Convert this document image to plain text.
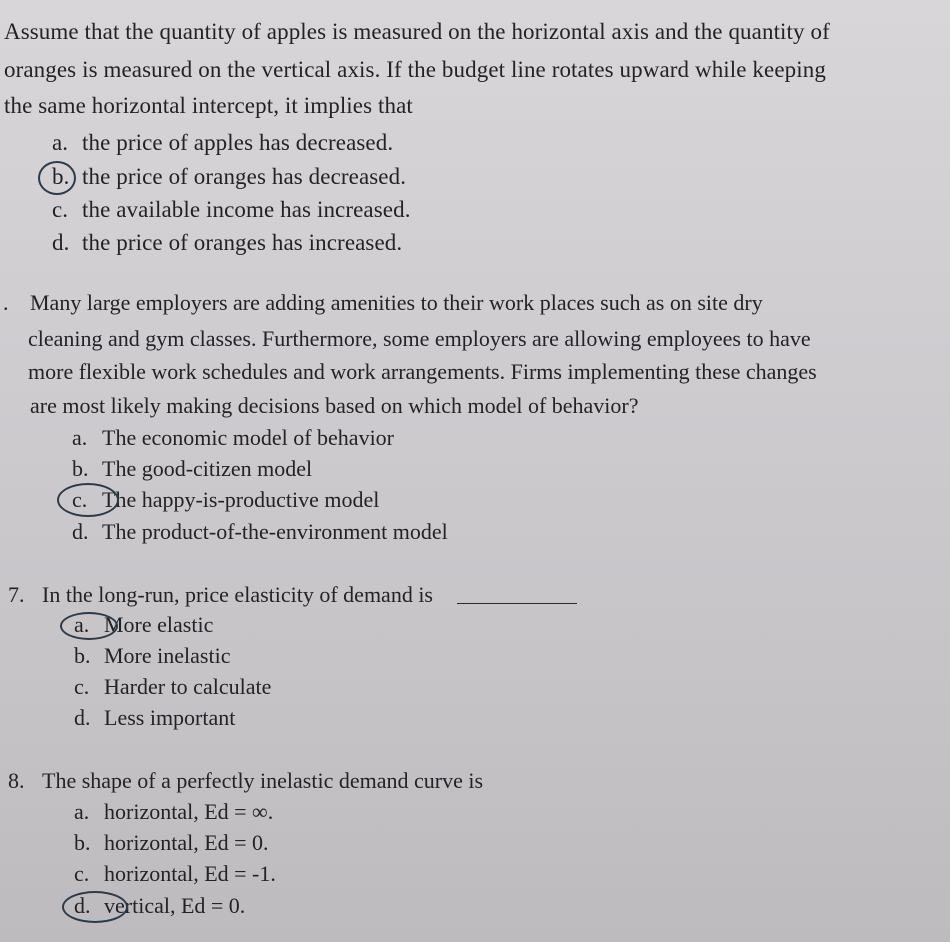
Assume that the quantity of apples is measured on the horizontal axis and the quantity of
oranges is measured on the vertical axis. If the budget line rotates upward while keeping
the same horizontal intercept, it implies that
a. the price of apples has decreased.
b. the price of oranges has decreased.
c. the available income has increased.
d. the price of oranges has increased.
. Many large employers are adding amenities to their work places such as on site dry
cleaning and gym classes. Furthermore, some employers are allowing employees to have
more flexible work schedules and work arrangements. Firms implementing these changes
are most likely making decisions based on which model of behavior?
a. The economic model of behavior
b. The good-citizen model
c. The happy-is-productive model
d. The product-of-the-environment model
7. In the long-run, price elasticity of demand is
a. More elastic
b. More inelastic
c. Harder to calculate
d. Less important
8. The shape of a perfectly inelastic demand curve is
a. horizontal, Ed = ∞.
b. horizontal, Ed = 0.
c. horizontal, Ed = -1.
d. vertical, Ed = 0.
